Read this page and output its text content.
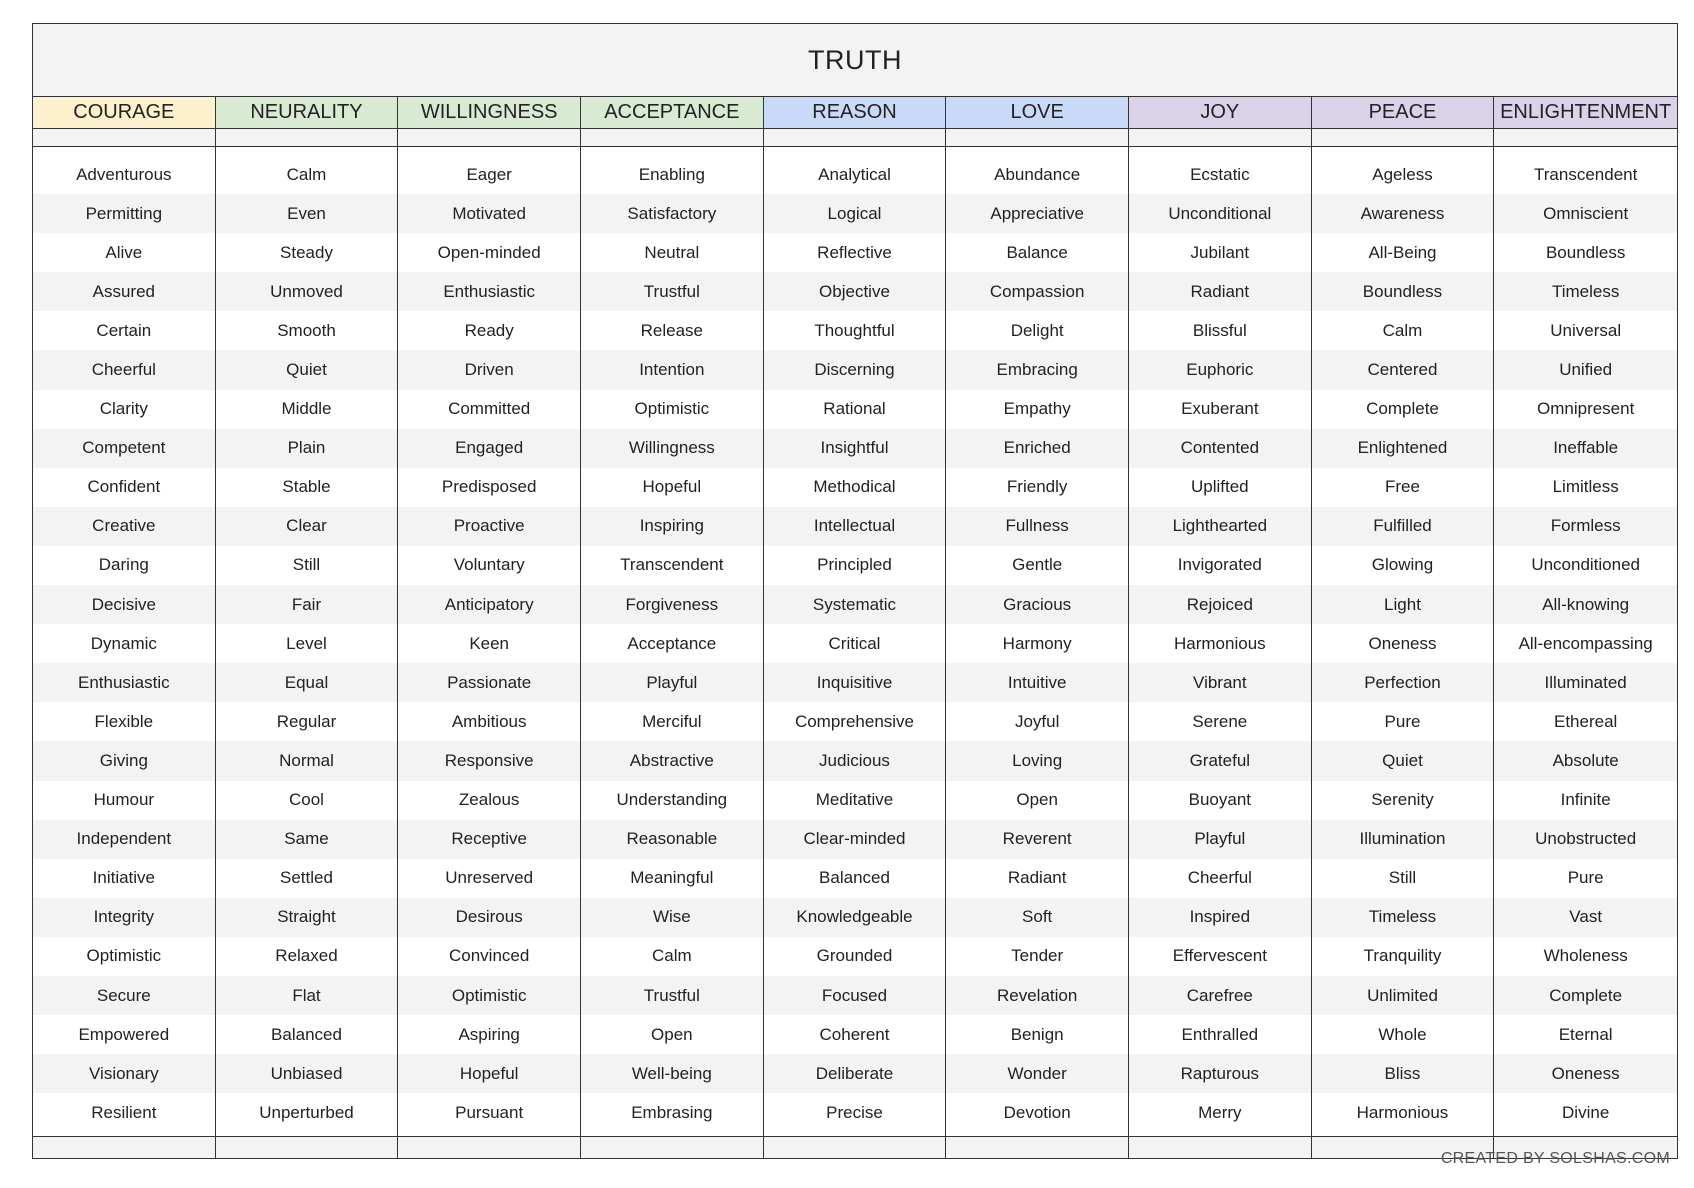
TRUTH
COURAGE
Adventurous
Permitting
Alive
Assured
Certain
Cheerful
Clarity
Competent
Confident
Creative
Daring
Decisive
Dynamic
Enthusiastic
Flexible
Giving
Humour
Independent
Initiative
Integrity
Optimistic
Secure
Empowered
Visionary
Resilient
NEURALITY
Calm
Even
Steady
Unmoved
Smooth
Quiet
Middle
Plain
Stable
Clear
Still
Fair
Level
Equal
Regular
Normal
Cool
Same
Settled
Straight
Relaxed
Flat
Balanced
Unbiased
Unperturbed
WILLINGNESS
Eager
Motivated
Open-minded
Enthusiastic
Ready
Driven
Committed
Engaged
Predisposed
Proactive
Voluntary
Anticipatory
Keen
Passionate
Ambitious
Responsive
Zealous
Receptive
Unreserved
Desirous
Convinced
Optimistic
Aspiring
Hopeful
Pursuant
ACCEPTANCE
Enabling
Satisfactory
Neutral
Trustful
Release
Intention
Optimistic
Willingness
Hopeful
Inspiring
Transcendent
Forgiveness
Acceptance
Playful
Merciful
Abstractive
Understanding
Reasonable
Meaningful
Wise
Calm
Trustful
Open
Well-being
Embrasing
REASON
Analytical
Logical
Reflective
Objective
Thoughtful
Discerning
Rational
Insightful
Methodical
Intellectual
Principled
Systematic
Critical
Inquisitive
Comprehensive
Judicious
Meditative
Clear-minded
Balanced
Knowledgeable
Grounded
Focused
Coherent
Deliberate
Precise
LOVE
Abundance
Appreciative
Balance
Compassion
Delight
Embracing
Empathy
Enriched
Friendly
Fullness
Gentle
Gracious
Harmony
Intuitive
Joyful
Loving
Open
Reverent
Radiant
Soft
Tender
Revelation
Benign
Wonder
Devotion
JOY
Ecstatic
Unconditional
Jubilant
Radiant
Blissful
Euphoric
Exuberant
Contented
Uplifted
Lighthearted
Invigorated
Rejoiced
Harmonious
Vibrant
Serene
Grateful
Buoyant
Playful
Cheerful
Inspired
Effervescent
Carefree
Enthralled
Rapturous
Merry
PEACE
Ageless
Awareness
All-Being
Boundless
Calm
Centered
Complete
Enlightened
Free
Fulfilled
Glowing
Light
Oneness
Perfection
Pure
Quiet
Serenity
Illumination
Still
Timeless
Tranquility
Unlimited
Whole
Bliss
Harmonious
ENLIGHTENMENT
Transcendent
Omniscient
Boundless
Timeless
Universal
Unified
Omnipresent
Ineffable
Limitless
Formless
Unconditioned
All-knowing
All-encompassing
Illuminated
Ethereal
Absolute
Infinite
Unobstructed
Pure
Vast
Wholeness
Complete
Eternal
Oneness
Divine
CREATED BY SOLSHAS.COM
